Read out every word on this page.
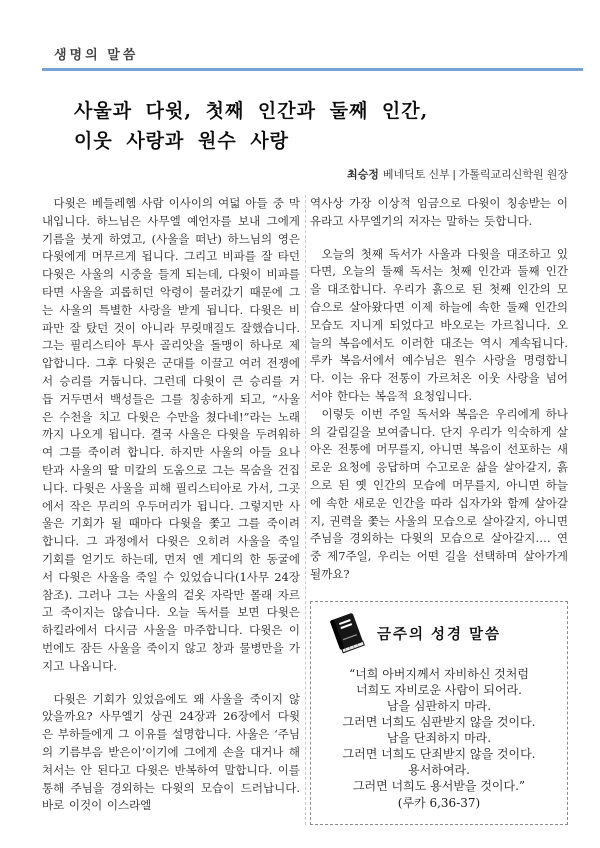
생명의 말씀
사울과 다윗, 첫째 인간과 둘째 인간,
이웃 사랑과 원수 사랑
최승정 베네딕토 신부 | 가톨릭교리신학원 원장

다윗은 베들레헴 사람 이사이의 여덟 아들 중 막내입니다. 하느님은 사무엘 예언자를 보내 그에게 기름을 붓게 하였고, (사울을 떠난) 하느님의 영은 다윗에게 머무르게 됩니다. 그리고 비파를 잘 타던 다윗은 사울의 시중을 들게 되는데, 다윗이 비파를 타면 사울을 괴롭히던 악령이 물러갔기 때문에 그는 사울의 특별한 사랑을 받게 됩니다. 다윗은 비파만 잘 탔던 것이 아니라 무릿매질도 잘했습니다. 그는 필리스티아 투사 골리앗을 돌맹이 하나로 제압합니다. 그후 다윗은 군대를 이끌고 여러 전쟁에서 승리를 거둡니다. 그런데 다윗이 큰 승리를 거듭 거두면서 백성들은 그를 칭송하게 되고, “사울은 수천을 치고 다윗은 수만을 쳤다네!”라는 노래까지 나오게 됩니다. 결국 사울은 다윗을 두려워하여 그를 죽이려 합니다. 하지만 사울의 아들 요나탄과 사울의 딸 미칼의 도움으로 그는 목숨을 건집니다. 다윗은 사울을 피해 필리스티아로 가서, 그곳에서 작은 무리의 우두머리가 됩니다. 그렇지만 사울은 기회가 될 때마다 다윗을 쫓고 그를 죽이려 합니다. 그 과정에서 다윗은 오히려 사울을 죽일 기회를 얻기도 하는데, 먼저 엔 게디의 한 동굴에서 다윗은 사울을 죽일 수 있었습니다(1사무 24장 참조). 그러나 그는 사울의 겉옷 자락만 몰래 자르고 죽이지는 않습니다. 오늘 독서를 보면 다윗은 하킬라에서 다시금 사울을 마주합니다. 다윗은 이번에도 잠든 사울을 죽이지 않고 창과 물병만을 가지고 나옵니다.

다윗은 기회가 있었음에도 왜 사울을 죽이지 않았을까요? 사무엘기 상권 24장과 26장에서 다윗은 부하들에게 그 이유를 설명합니다. 사울은 ‘주님의 기름부음 받은이’이기에 그에게 손을 대거나 해쳐서는 안 된다고 다윗은 반복하여 말합니다. 이를 통해 주님을 경외하는 다윗의 모습이 드러납니다. 바로 이것이 이스라엘

역사상 가장 이상적 임금으로 다윗이 칭송받는 이유라고 사무엘기의 저자는 말하는 듯합니다.

오늘의 첫째 독서가 사울과 다윗을 대조하고 있다면, 오늘의 둘째 독서는 첫째 인간과 둘째 인간을 대조합니다. 우리가 흙으로 된 첫째 인간의 모습으로 살아왔다면 이제 하늘에 속한 둘째 인간의 모습도 지니게 되었다고 바오로는 가르칩니다. 오늘의 복음에서도 이러한 대조는 역시 계속됩니다. 루카 복음서에서 예수님은 원수 사랑을 명령합니다. 이는 유다 전통이 가르쳐온 이웃 사랑을 넘어서야 한다는 복음적 요청입니다.

이렇듯 이번 주일 독서와 복음은 우리에게 하나의 갈림길을 보여줍니다. 단지 우리가 익숙하게 살아온 전통에 머무를지, 아니면 복음이 선포하는 새로운 요청에 응답하며 수고로운 삶을 살아갈지, 흙으로 된 옛 인간의 모습에 머무를지, 아니면 하늘에 속한 새로운 인간을 따라 십자가와 함께 살아갈지, 권력을 쫓는 사울의 모습으로 살아갈지, 아니면 주님을 경외하는 다윗의 모습으로 살아갈지…. 연중 제7주일, 우리는 어떤 길을 선택하며 살아가게 될까요?

금주의 성경 말씀
“너희 아버지께서 자비하신 것처럼
너희도 자비로운 사람이 되어라.
남을 심판하지 마라.
그러면 너희도 심판받지 않을 것이다.
남을 단죄하지 마라.
그러면 너희도 단죄받지 않을 것이다.
용서하여라.
그러면 너희도 용서받을 것이다.”
(루카 6,36-37)
